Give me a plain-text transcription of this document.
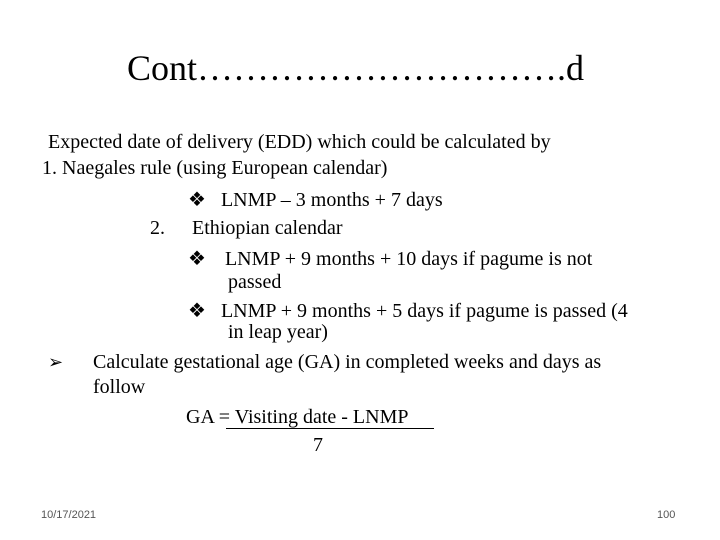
Cont………………………….d
Expected date of delivery (EDD) which could be calculated by
1. Naegales rule (using European calendar)
❖ LNMP – 3 months + 7 days
2. Ethiopian calendar
❖ LNMP + 9 months + 10 days if pagume is not
passed
❖ LNMP + 9 months + 5 days if pagume is passed (4
in leap year)
➢ Calculate gestational age (GA) in completed weeks and days as
follow
GA = Visiting date - LNMP
7
10/17/2021	100
